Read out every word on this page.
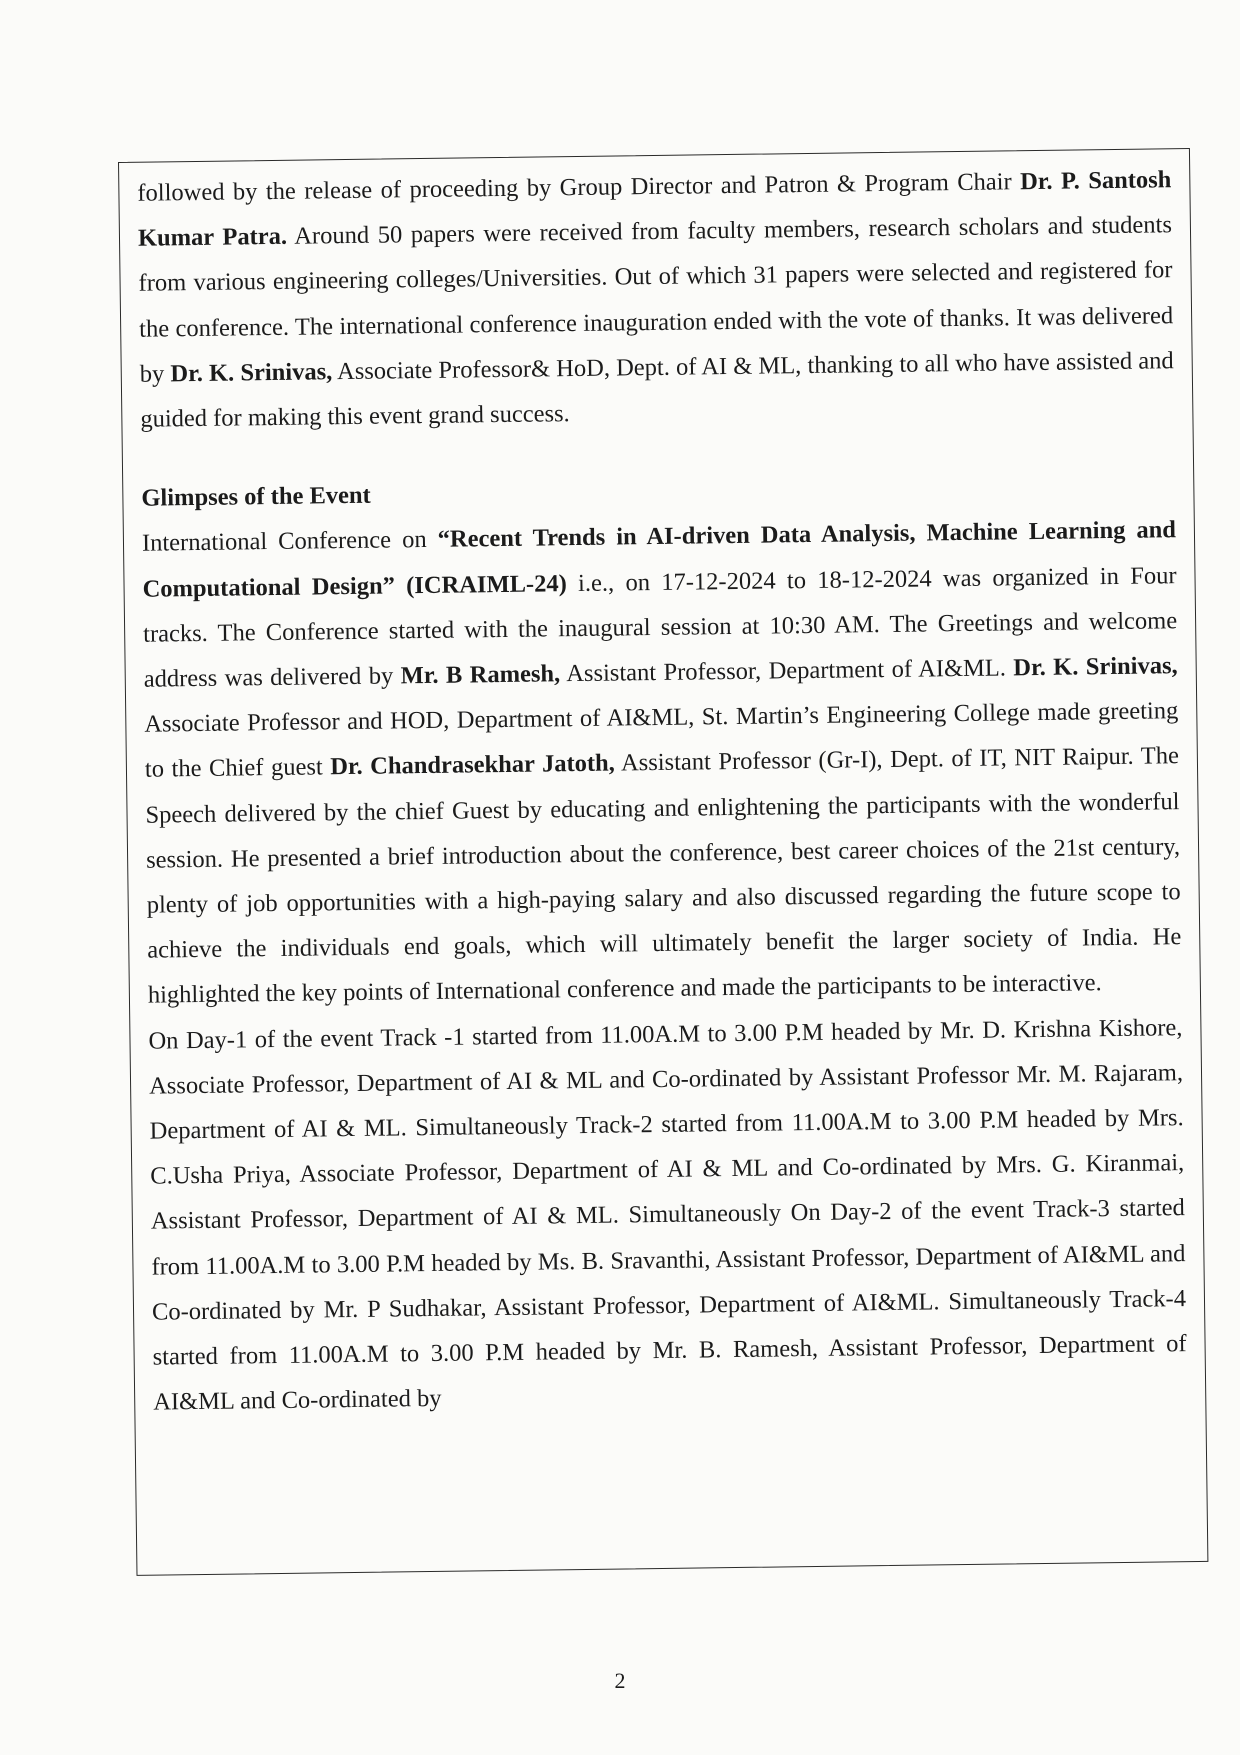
followed by the release of proceeding by Group Director and Patron & Program Chair Dr. P. Santosh Kumar Patra. Around 50 papers were received from faculty members, research scholars and students from various engineering colleges/Universities. Out of which 31 papers were selected and registered for the conference. The international conference inauguration ended with the vote of thanks. It was delivered by Dr. K. Srinivas, Associate Professor& HoD, Dept. of AI & ML, thanking to all who have assisted and guided for making this event grand success.

Glimpses of the Event

International Conference on “Recent Trends in AI-driven Data Analysis, Machine Learning and Computational Design” (ICRAIML-24) i.e., on 17-12-2024 to 18-12-2024 was organized in Four tracks. The Conference started with the inaugural session at 10:30 AM. The Greetings and welcome address was delivered by Mr. B Ramesh, Assistant Professor, Department of AI&ML. Dr. K. Srinivas, Associate Professor and HOD, Department of AI&ML, St. Martin’s Engineering College made greeting to the Chief guest Dr. Chandrasekhar Jatoth, Assistant Professor (Gr-I), Dept. of IT, NIT Raipur. The Speech delivered by the chief Guest by educating and enlightening the participants with the wonderful session. He presented a brief introduction about the conference, best career choices of the 21st century, plenty of job opportunities with a high-paying salary and also discussed regarding the future scope to achieve the individuals end goals, which will ultimately benefit the larger society of India. He highlighted the key points of International conference and made the participants to be interactive.

On Day-1 of the event Track -1 started from 11.00A.M to 3.00 P.M headed by Mr. D. Krishna Kishore, Associate Professor, Department of AI & ML and Co-ordinated by Assistant Professor Mr. M. Rajaram, Department of AI & ML. Simultaneously Track-2 started from 11.00A.M to 3.00 P.M headed by Mrs. C.Usha Priya, Associate Professor, Department of AI & ML and Co-ordinated by Mrs. G. Kiranmai, Assistant Professor, Department of AI & ML. Simultaneously On Day-2 of the event Track-3 started from 11.00A.M to 3.00 P.M headed by Ms. B. Sravanthi, Assistant Professor, Department of AI&ML and Co-ordinated by Mr. P Sudhakar, Assistant Professor, Department of AI&ML. Simultaneously Track-4 started from 11.00A.M to 3.00 P.M headed by Mr. B. Ramesh, Assistant Professor, Department of AI&ML and Co-ordinated by

2
